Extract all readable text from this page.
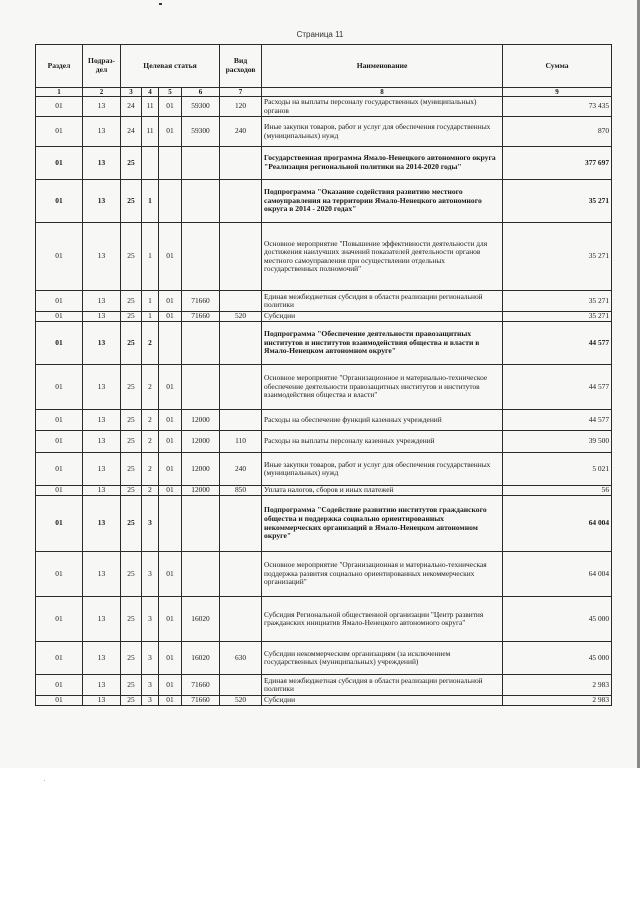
Страница 11
Раздел	Подраз-дел	Целевая статья				Вид расходов	Наименование	Сумма
1	2	3	4	5	6	7	8	9
01	13	24	11	01	59300	120	Расходы на выплаты персоналу государственных (муниципальных) органов	73 435
01	13	24	11	01	59300	240	Иные закупки товаров, работ и услуг для обеспечения государственных (муниципальных) нужд	870
01	13	25					Государственная программа Ямало-Ненецкого автономного округа "Реализация региональной политики на 2014-2020 годы"	377 697
01	13	25	1				Подпрограмма "Оказание содействия развитию местного самоуправления на территории Ямало-Ненецкого автономного округа в 2014 - 2020 годах"	35 271
01	13	25	1	01			Основное мероприятие "Повышение эффективности деятельности для достижения наилучших значений показателей деятельности органов местного самоуправления при осуществлении отдельных государственных полномочий"	35 271
01	13	25	1	01	71660		Единая межбюджетная субсидия в области реализации региональной политики	35 271
01	13	25	1	01	71660	520	Субсидии	35 271
01	13	25	2				Подпрограмма "Обеспечение деятельности правозащитных институтов и институтов взаимодействия общества и власти в Ямало-Ненецком автономном округе"	44 577
01	13	25	2	01			Основное мероприятие "Организационное и материально-техническое обеспечение деятельности правозащитных институтов и институтов взаимодействия общества и власти"	44 577
01	13	25	2	01	12000		Расходы на обеспечение функций казенных учреждений	44 577
01	13	25	2	01	12000	110	Расходы на выплаты персоналу казенных учреждений	39 500
01	13	25	2	01	12000	240	Иные закупки товаров, работ и услуг для обеспечения государственных (муниципальных) нужд	5 021
01	13	25	2	01	12000	850	Уплата налогов, сборов и иных платежей	56
01	13	25	3				Подпрограмма "Содействие развитию институтов гражданского общества и поддержка социально ориентированных некоммерческих организаций в Ямало-Ненецком автономном округе"	64 004
01	13	25	3	01			Основное мероприятие "Организационная и материально-техническая поддержка развития социально ориентированных некоммерческих организаций"	64 004
01	13	25	3	01	16020		Субсидия Региональной общественной организации "Центр развития гражданских инициатив Ямало-Ненецкого автономного округа"	45 000
01	13	25	3	01	16020	630	Субсидии некоммерческим организациям (за исключением государственных (муниципальных) учреждений)	45 000
01	13	25	3	01	71660		Единая межбюджетная субсидия в области реализации региональной политики	2 983
01	13	25	3	01	71660	520	Субсидии	2 983
